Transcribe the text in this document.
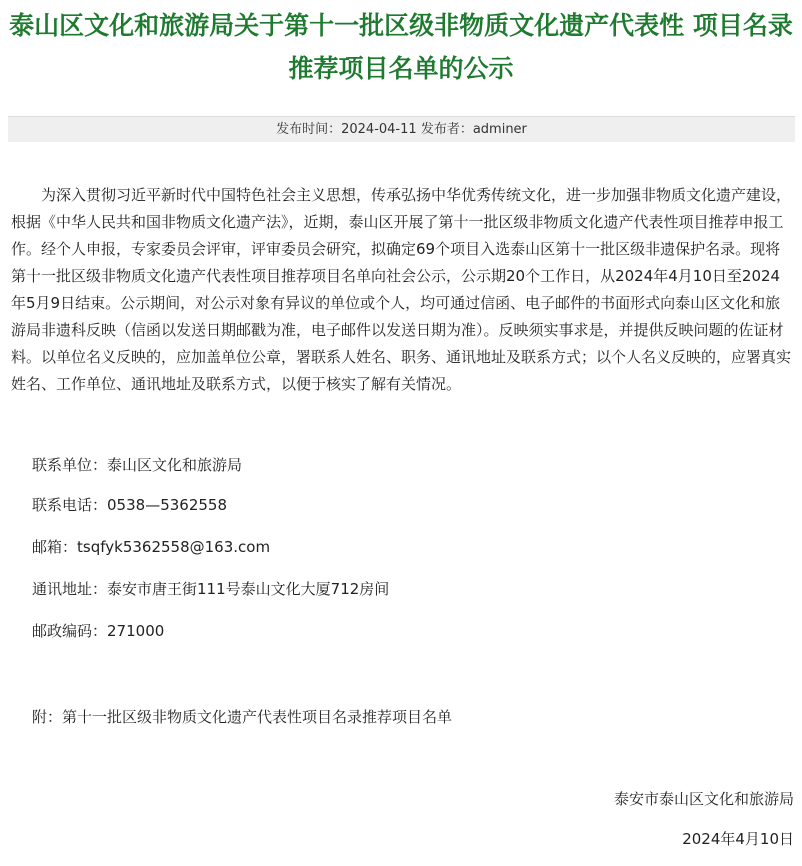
泰山区文化和旅游局关于第十一批区级非物质文化遗产代表性 项目名录推荐项目名单的公示
发布时间：2024-04-11 发布者：adminer

为深入贯彻习近平新时代中国特色社会主义思想，传承弘扬中华优秀传统文化，进一步加强非物质文化遗产建设，根据《中华人民共和国非物质文化遗产法》，近期，泰山区开展了第十一批区级非物质文化遗产代表性项目推荐申报工作。经个人申报，专家委员会评审，评审委员会研究，拟确定69个项目入选泰山区第十一批区级非遗保护名录。现将第十一批区级非物质文化遗产代表性项目推荐项目名单向社会公示，公示期20个工作日，从2024年4月10日至2024年5月9日结束。公示期间，对公示对象有异议的单位或个人，均可通过信函、电子邮件的书面形式向泰山区文化和旅游局非遗科反映（信函以发送日期邮戳为准，电子邮件以发送日期为准）。反映须实事求是，并提供反映问题的佐证材料。以单位名义反映的，应加盖单位公章，署联系人姓名、职务、通讯地址及联系方式；以个人名义反映的，应署真实姓名、工作单位、通讯地址及联系方式，以便于核实了解有关情况。

联系单位：泰山区文化和旅游局

联系电话：0538—5362558

邮箱：tsqfyk5362558@163.com

通讯地址：泰安市唐王街111号泰山文化大厦712房间

邮政编码：271000

附：第十一批区级非物质文化遗产代表性项目名录推荐项目名单

泰安市泰山区文化和旅游局

2024年4月10日
